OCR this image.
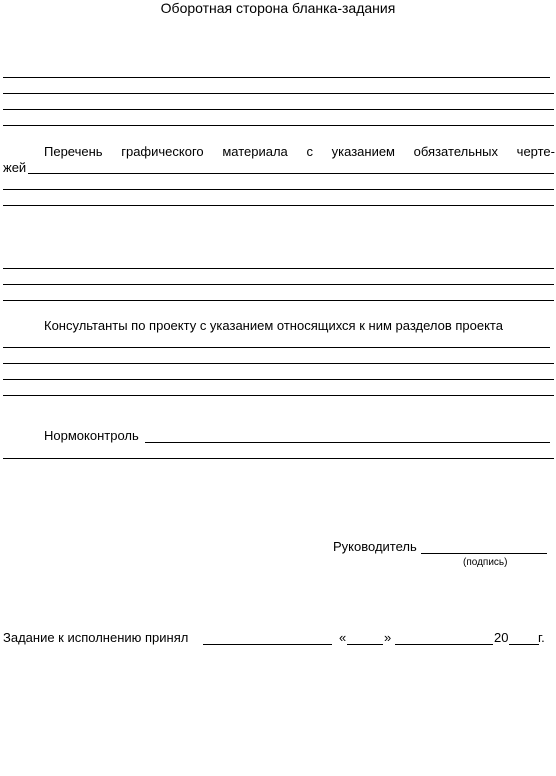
Оборотная сторона бланка-задания
Перечень графического материала с указанием обязательных черте-
жей
Консультанты по проекту с указанием относящихся к ним разделов проекта
Нормоконтроль
Руководитель
(подпись)
Задание к исполнению принял	«	»	20 г.
